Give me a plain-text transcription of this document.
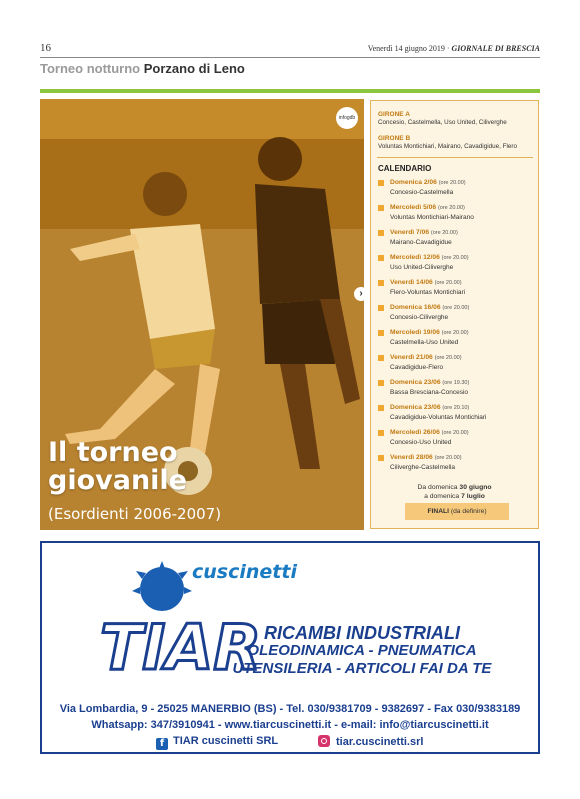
16	Venerdì 14 giugno 2019 · GIORNALE DI BRESCIA
Torneo notturno Porzano di Leno
infogdb
›
Il torneo giovanile
(Esordienti 2006-2007)
GIRONE A
Concesio, Castelmella, Uso United, Ciliverghe
GIRONE B
Voluntas Montichiari, Mairano, Cavadigidue, Flero
CALENDARIO
Domenica 2/06 (ore 20.00)
Concesio-Castelmella
Mercoledì 5/06 (ore 20.00)
Voluntas Montichiari-Mairano
Venerdì 7/06 (ore 20.00)
Mairano-Cavadigidue
Mercoledì 12/06 (ore 20.00)
Uso United-Ciliverghe
Venerdì 14/06 (ore 20.00)
Flero-Voluntas Montichiari
Domenica 16/06 (ore 20.00)
Concesio-Ciliverghe
Mercoledì 19/06 (ore 20.00)
Castelmella-Uso United
Venerdì 21/06 (ore 20.00)
Cavadigidue-Flero
Domenica 23/06 (ore 19.30)
Bassa Bresciana-Concesio
Domenica 23/06 (ore 20.10)
Cavadigidue-Voluntas Montichiari
Mercoledì 26/06 (ore 20.00)
Concesio-Uso United
Venerdì 28/06 (ore 20.00)
Ciliverghe-Castelmella
Da domenica 30 giugno
a domenica 7 luglio
FINALI (da definire)
TIAR
cuscinetti
RICAMBI INDUSTRIALI
OLEODINAMICA - PNEUMATICA
UTENSILERIA - ARTICOLI FAI DA TE
Via Lombardia, 9 - 25025 MANERBIO (BS) - Tel. 030/9381709 - 9382697 - Fax 030/9383189
Whatsapp: 347/3910941 - www.tiarcuscinetti.it - e-mail: info@tiarcuscinetti.it
f TIAR cuscinetti SRL	tiar.cuscinetti.srl
